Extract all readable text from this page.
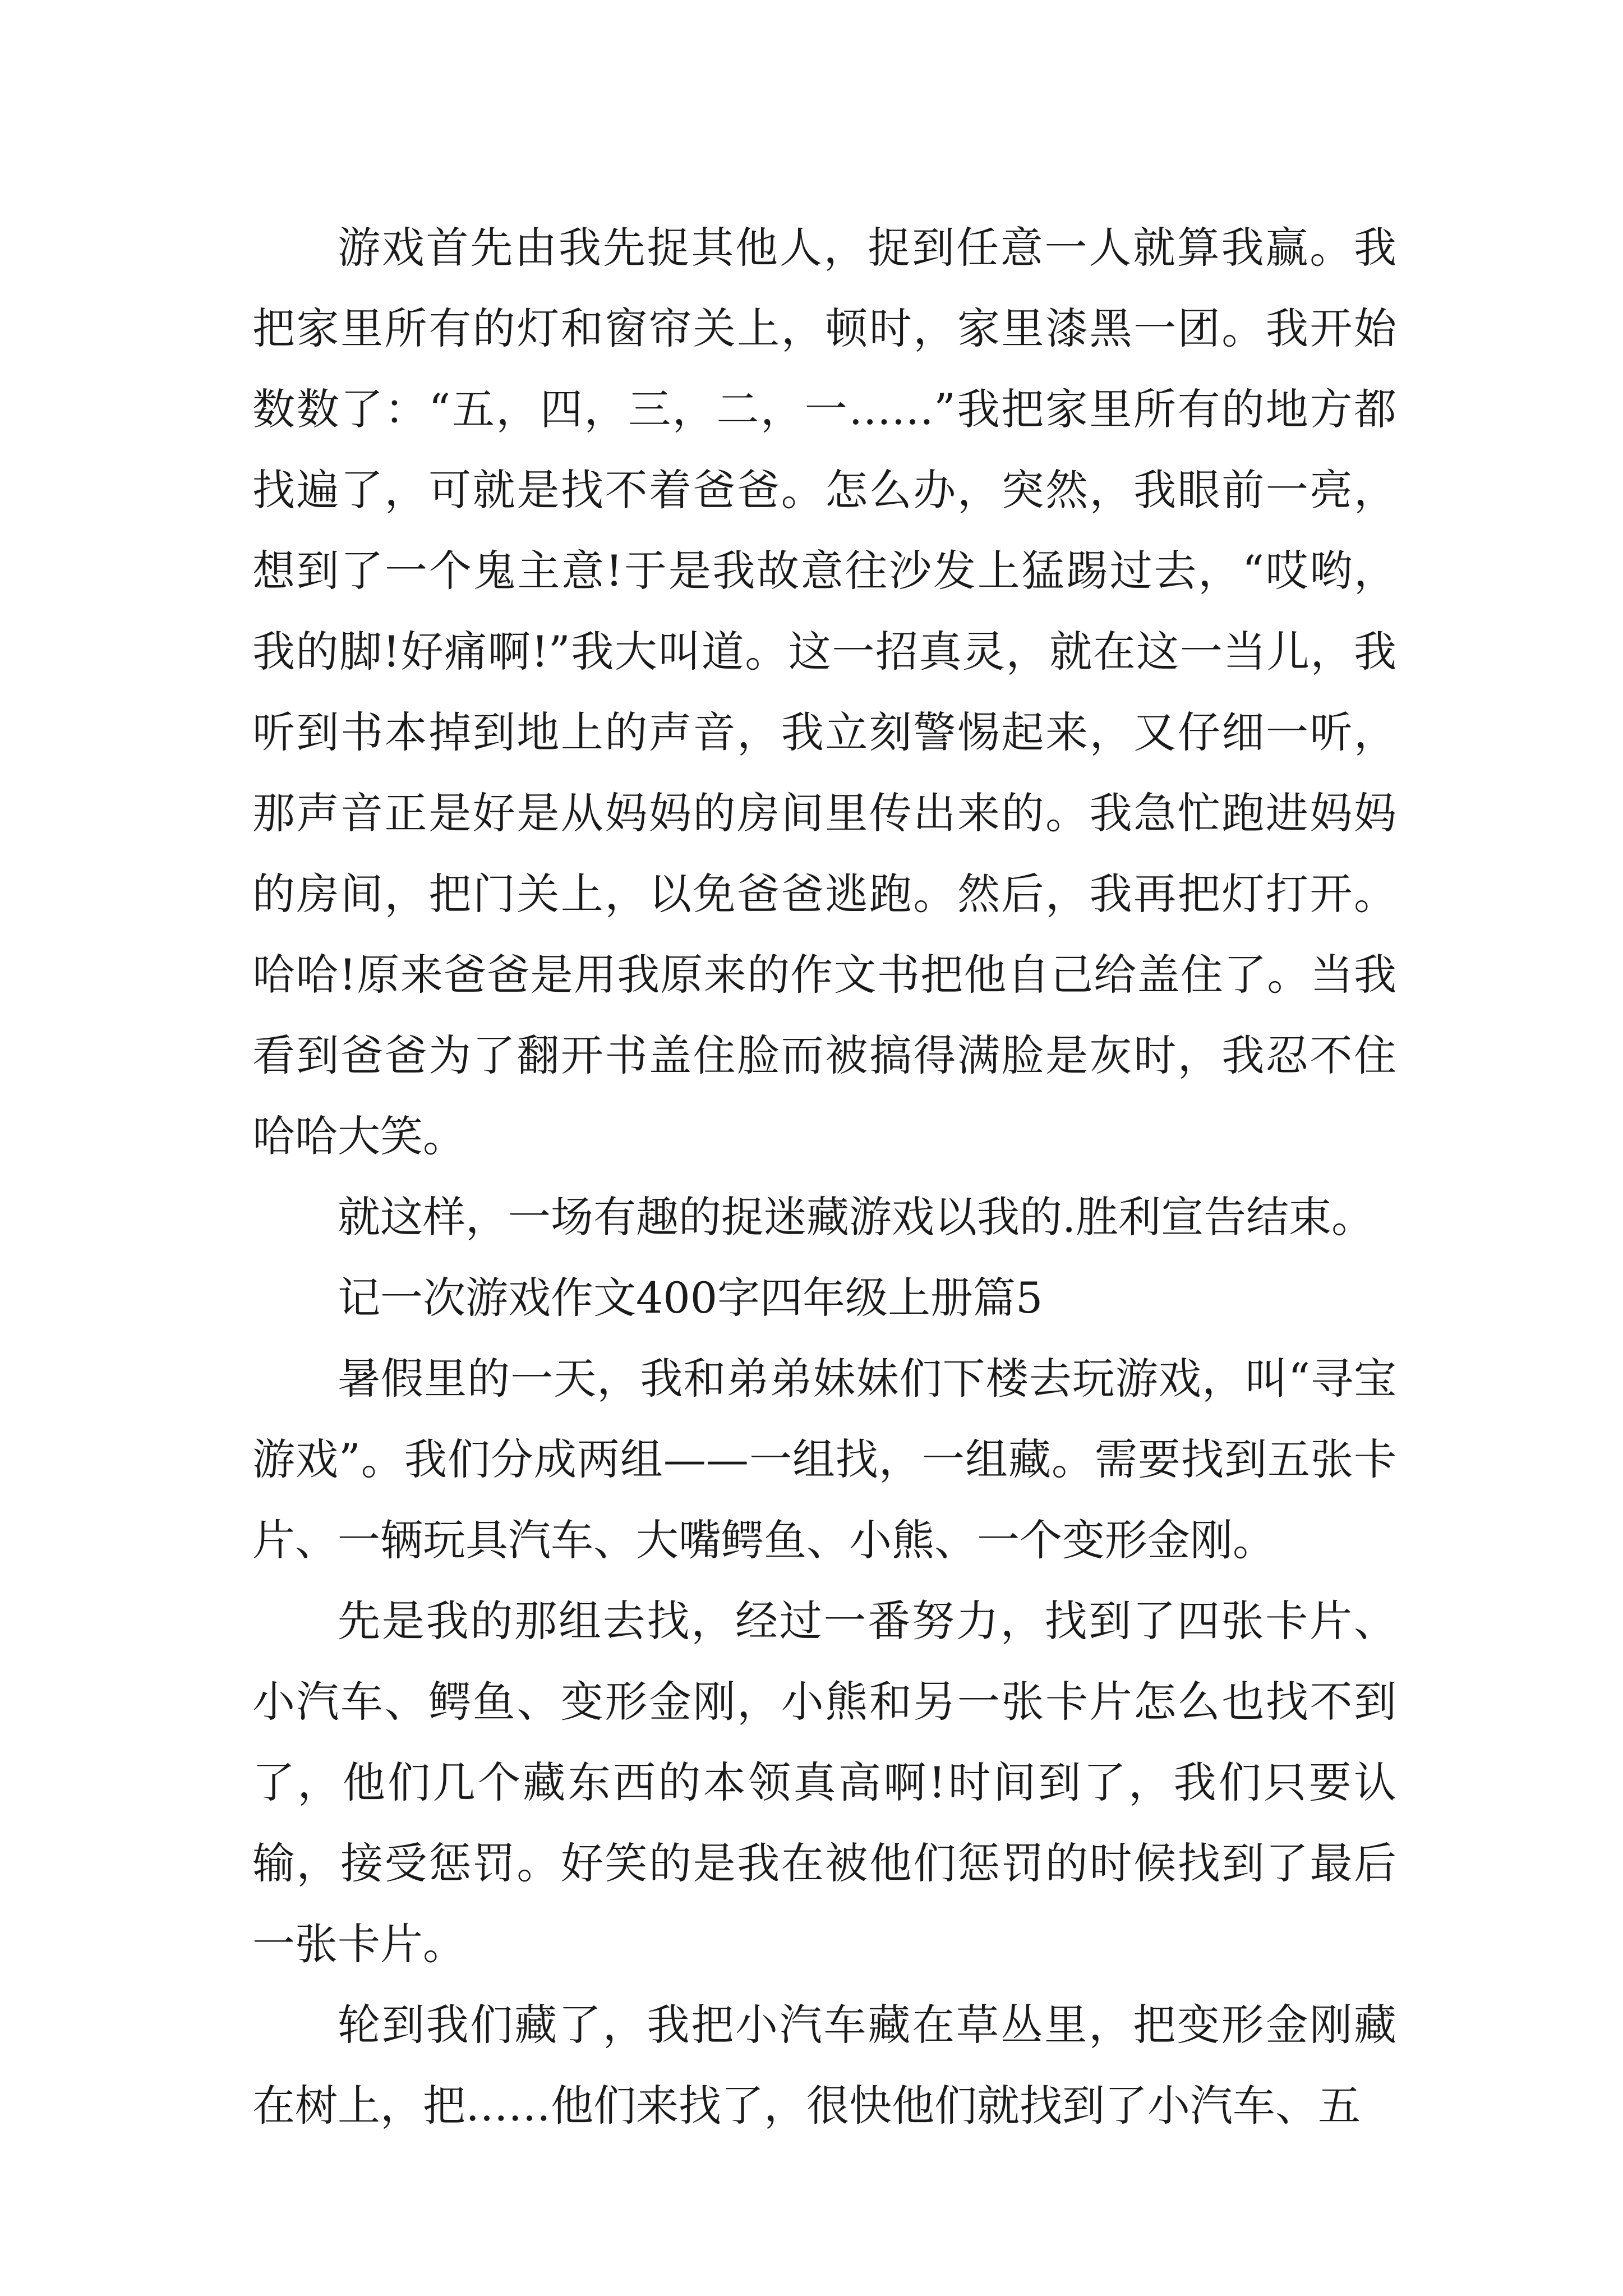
游戏首先由我先捉其他人，捉到任意一人就算我赢。我把家里所有的灯和窗帘关上，顿时，家里漆黑一团。我开始数数了：“五，四，三，二，一……”我把家里所有的地方都找遍了，可就是找不着爸爸。怎么办，突然，我眼前一亮，想到了一个鬼主意!于是我故意往沙发上猛踢过去，“哎哟，我的脚!好痛啊!”我大叫道。这一招真灵，就在这一当儿，我听到书本掉到地上的声音，我立刻警惕起来，又仔细一听，那声音正是好是从妈妈的房间里传出来的。我急忙跑进妈妈的房间，把门关上，以免爸爸逃跑。然后，我再把灯打开。哈哈!原来爸爸是用我原来的作文书把他自己给盖住了。当我看到爸爸为了翻开书盖住脸而被搞得满脸是灰时，我忍不住哈哈大笑。

就这样，一场有趣的捉迷藏游戏以我的.胜利宣告结束。

记一次游戏作文400字四年级上册篇5

暑假里的一天，我和弟弟妹妹们下楼去玩游戏，叫“寻宝游戏”。我们分成两组——一组找，一组藏。需要找到五张卡片、一辆玩具汽车、大嘴鳄鱼、小熊、一个变形金刚。

先是我的那组去找，经过一番努力，找到了四张卡片、小汽车、鳄鱼、变形金刚，小熊和另一张卡片怎么也找不到了，他们几个藏东西的本领真高啊!时间到了，我们只要认输，接受惩罚。好笑的是我在被他们惩罚的时候找到了最后一张卡片。

轮到我们藏了，我把小汽车藏在草丛里，把变形金刚藏在树上，把……他们来找了，很快他们就找到了小汽车、五
